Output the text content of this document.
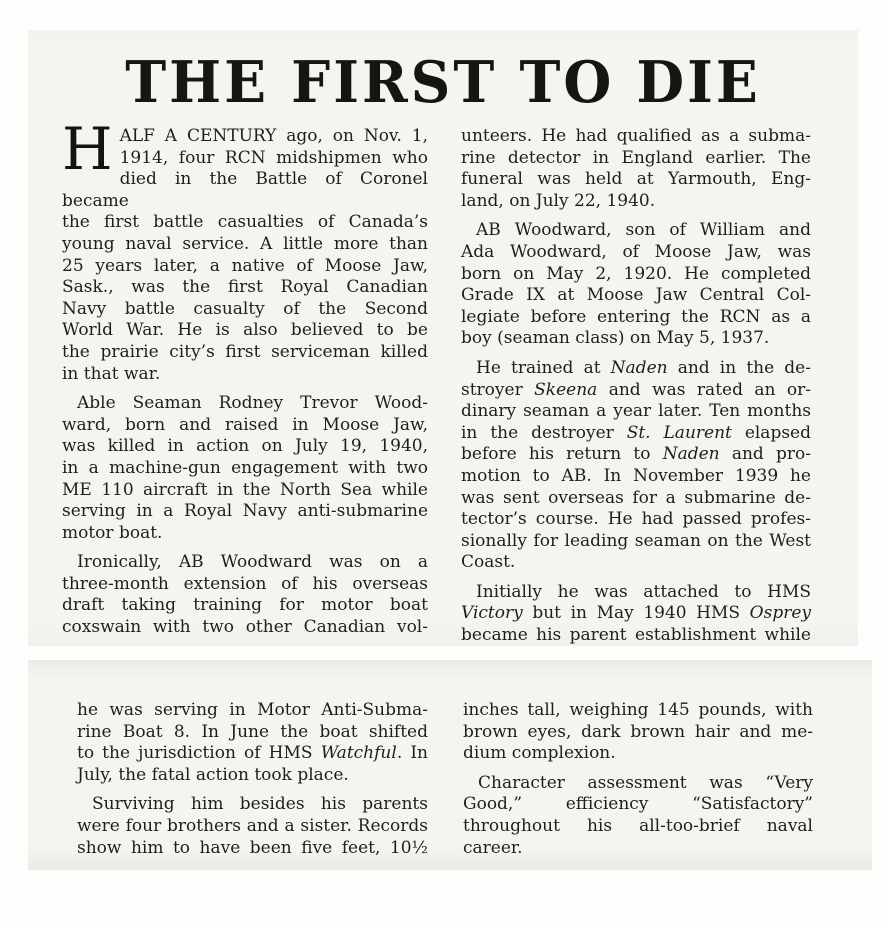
THE FIRST TO DIE
H ALF A CENTURY ago, on Nov. 1,
1914, four RCN midshipmen who
died in the Battle of Coronel became
the first battle casualties of Canada’s
young naval service. A little more than
25 years later, a native of Moose Jaw,
Sask., was the first Royal Canadian
Navy battle casualty of the Second
World War. He is also believed to be
the prairie city’s first serviceman killed
in that war.
Able Seaman Rodney Trevor Wood-
ward, born and raised in Moose Jaw,
was killed in action on July 19, 1940,
in a machine-gun engagement with two
ME 110 aircraft in the North Sea while
serving in a Royal Navy anti-submarine
motor boat.
Ironically, AB Woodward was on a
three-month extension of his overseas
draft taking training for motor boat
coxswain with two other Canadian vol-
unteers. He had qualified as a subma-
rine detector in England earlier. The
funeral was held at Yarmouth, Eng-
land, on July 22, 1940.
AB Woodward, son of William and
Ada Woodward, of Moose Jaw, was
born on May 2, 1920. He completed
Grade IX at Moose Jaw Central Col-
legiate before entering the RCN as a
boy (seaman class) on May 5, 1937.
He trained at Naden and in the de-
stroyer Skeena and was rated an or-
dinary seaman a year later. Ten months
in the destroyer St. Laurent elapsed
before his return to Naden and pro-
motion to AB. In November 1939 he
was sent overseas for a submarine de-
tector’s course. He had passed profes-
sionally for leading seaman on the West
Coast.
Initially he was attached to HMS
Victory but in May 1940 HMS Osprey
became his parent establishment while
he was serving in Motor Anti-Subma-
rine Boat 8. In June the boat shifted
to the jurisdiction of HMS Watchful. In
July, the fatal action took place.
Surviving him besides his parents
were four brothers and a sister. Records
show him to have been five feet, 10½
inches tall, weighing 145 pounds, with
brown eyes, dark brown hair and me-
dium complexion.
Character assessment was “Very
Good,” efficiency “Satisfactory”
throughout his all-too-brief naval
career.
